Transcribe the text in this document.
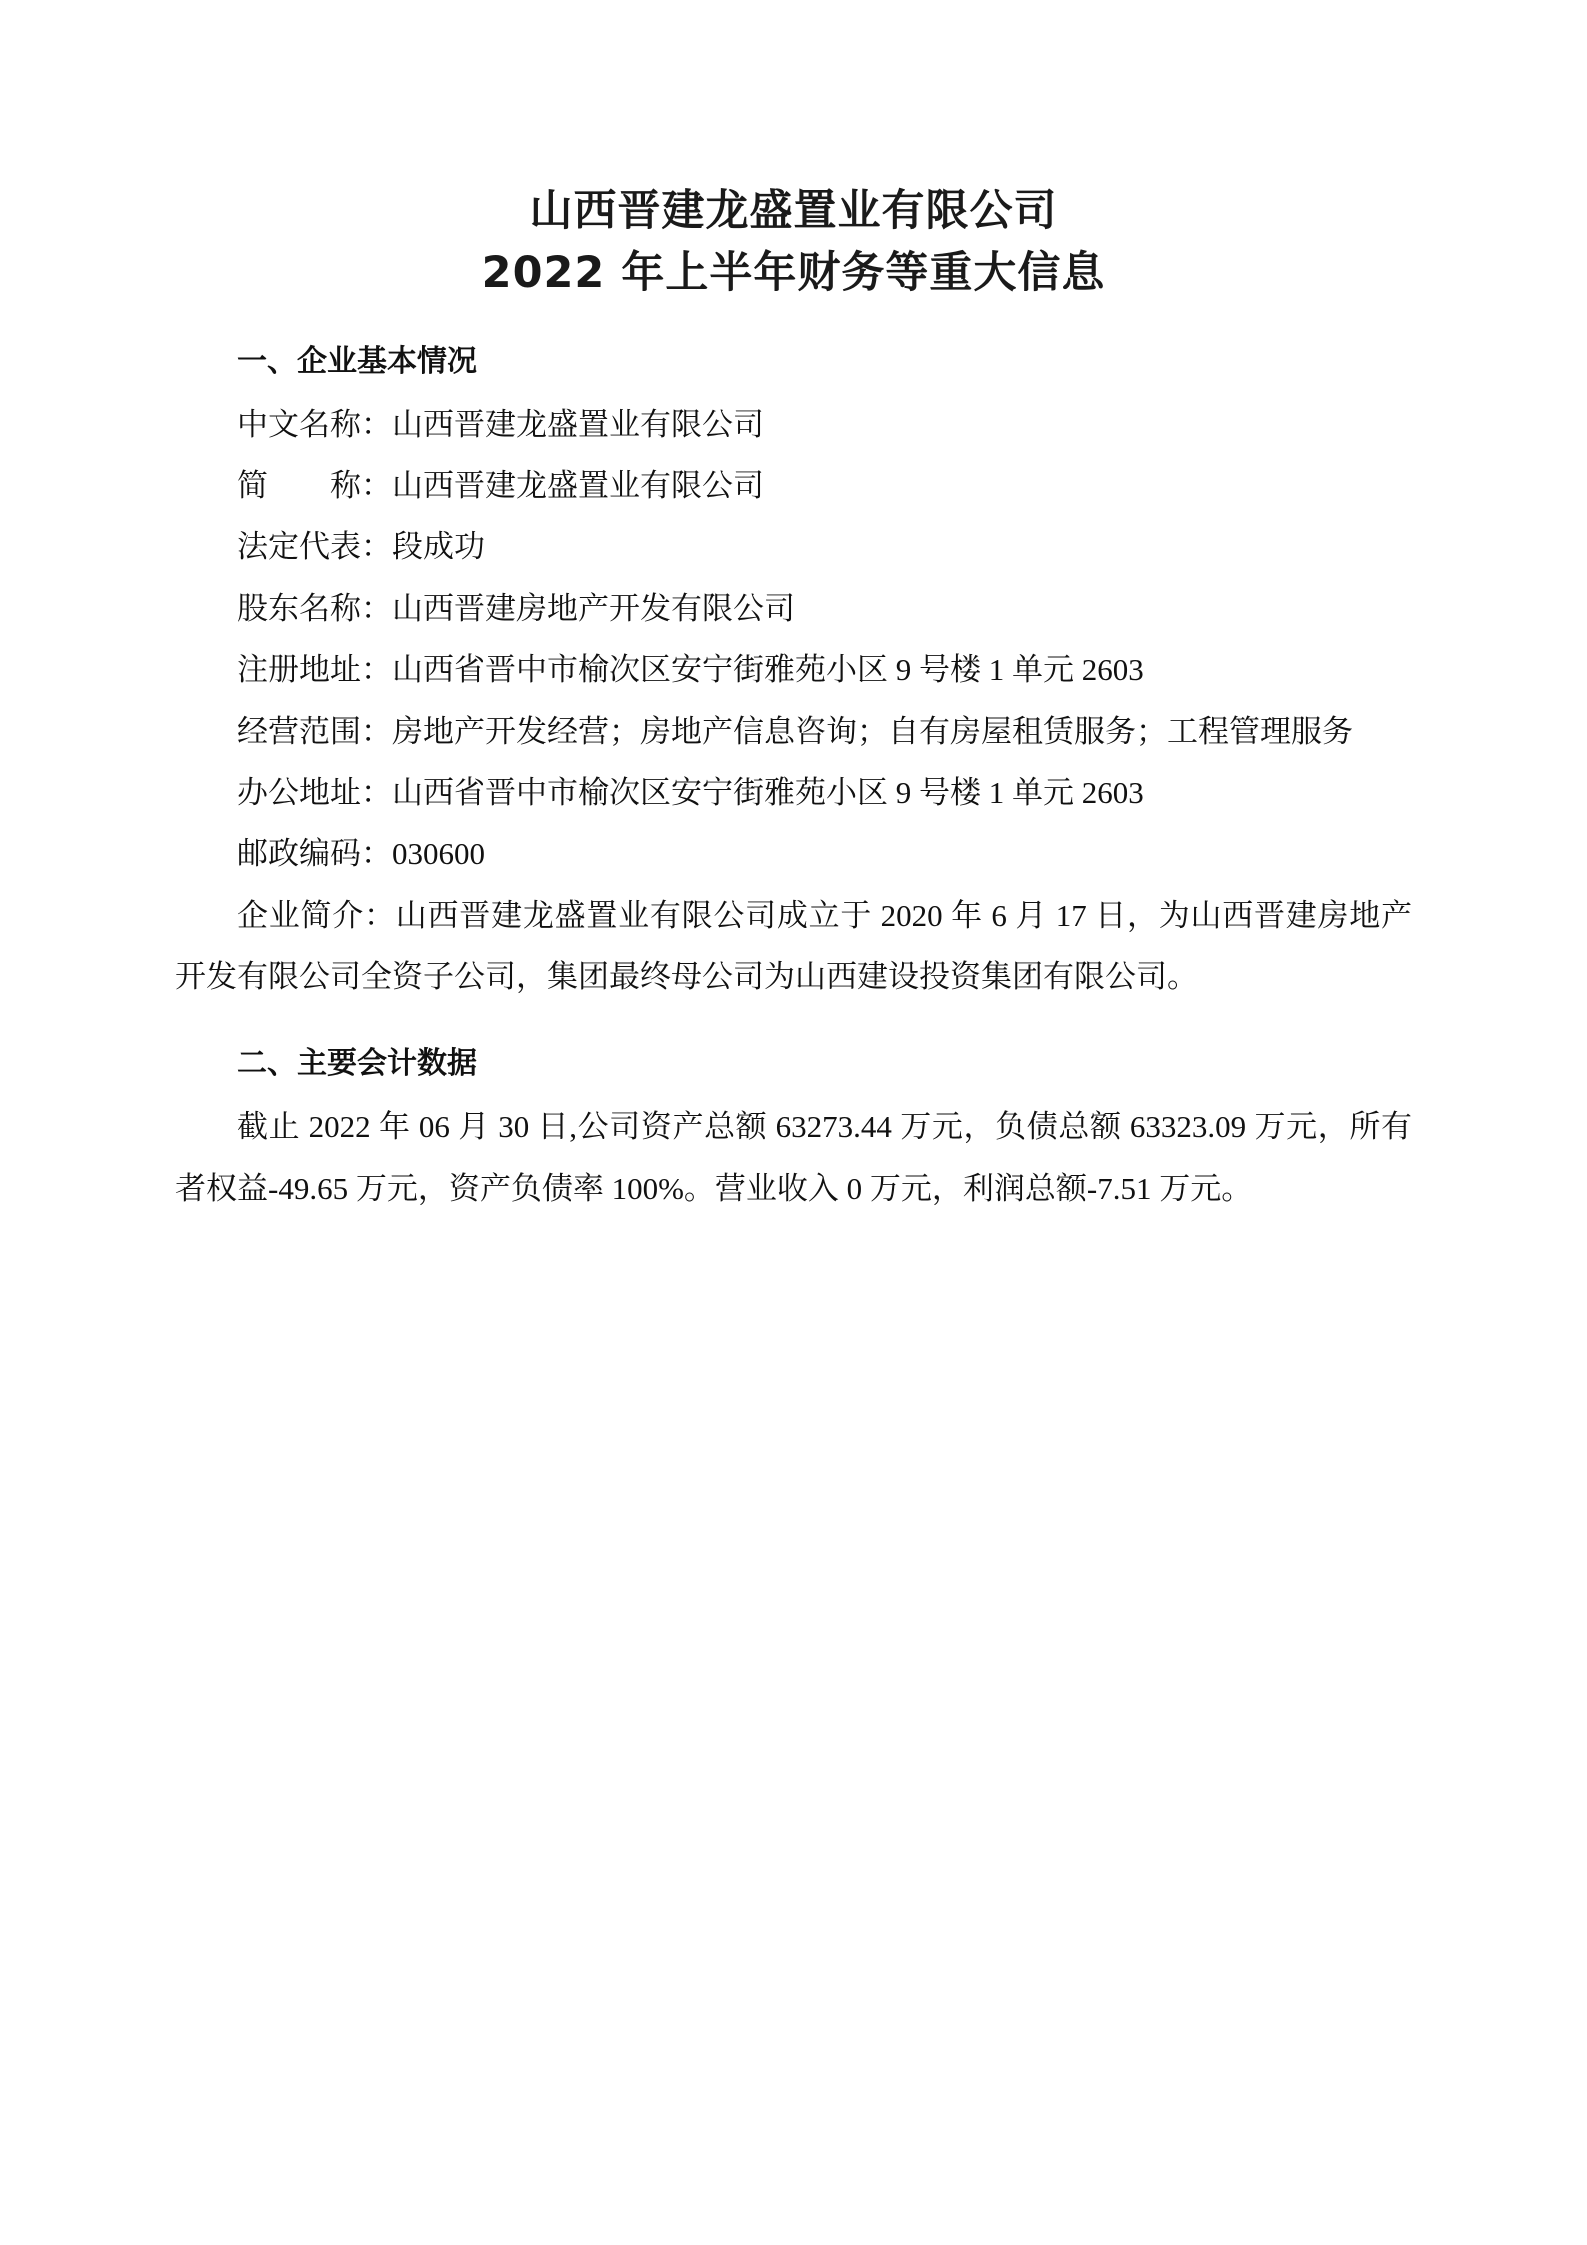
山西晋建龙盛置业有限公司
2022 年上半年财务等重大信息
一、企业基本情况

中文名称：山西晋建龙盛置业有限公司

简　　称：山西晋建龙盛置业有限公司

法定代表：段成功

股东名称：山西晋建房地产开发有限公司

注册地址：山西省晋中市榆次区安宁街雅苑小区 9 号楼 1 单元 2603

经营范围：房地产开发经营；房地产信息咨询；自有房屋租赁服务；工程管理服务

办公地址：山西省晋中市榆次区安宁街雅苑小区 9 号楼 1 单元 2603

邮政编码：030600

企业简介：山西晋建龙盛置业有限公司成立于 2020 年 6 月 17 日，为山西晋建房地产开发有限公司全资子公司，集团最终母公司为山西建设投资集团有限公司。

二、主要会计数据

截止 2022 年 06 月 30 日,公司资产总额 63273.44 万元，负债总额 63323.09 万元，所有者权益-49.65 万元，资产负债率 100%。营业收入 0 万元，利润总额-7.51 万元。
